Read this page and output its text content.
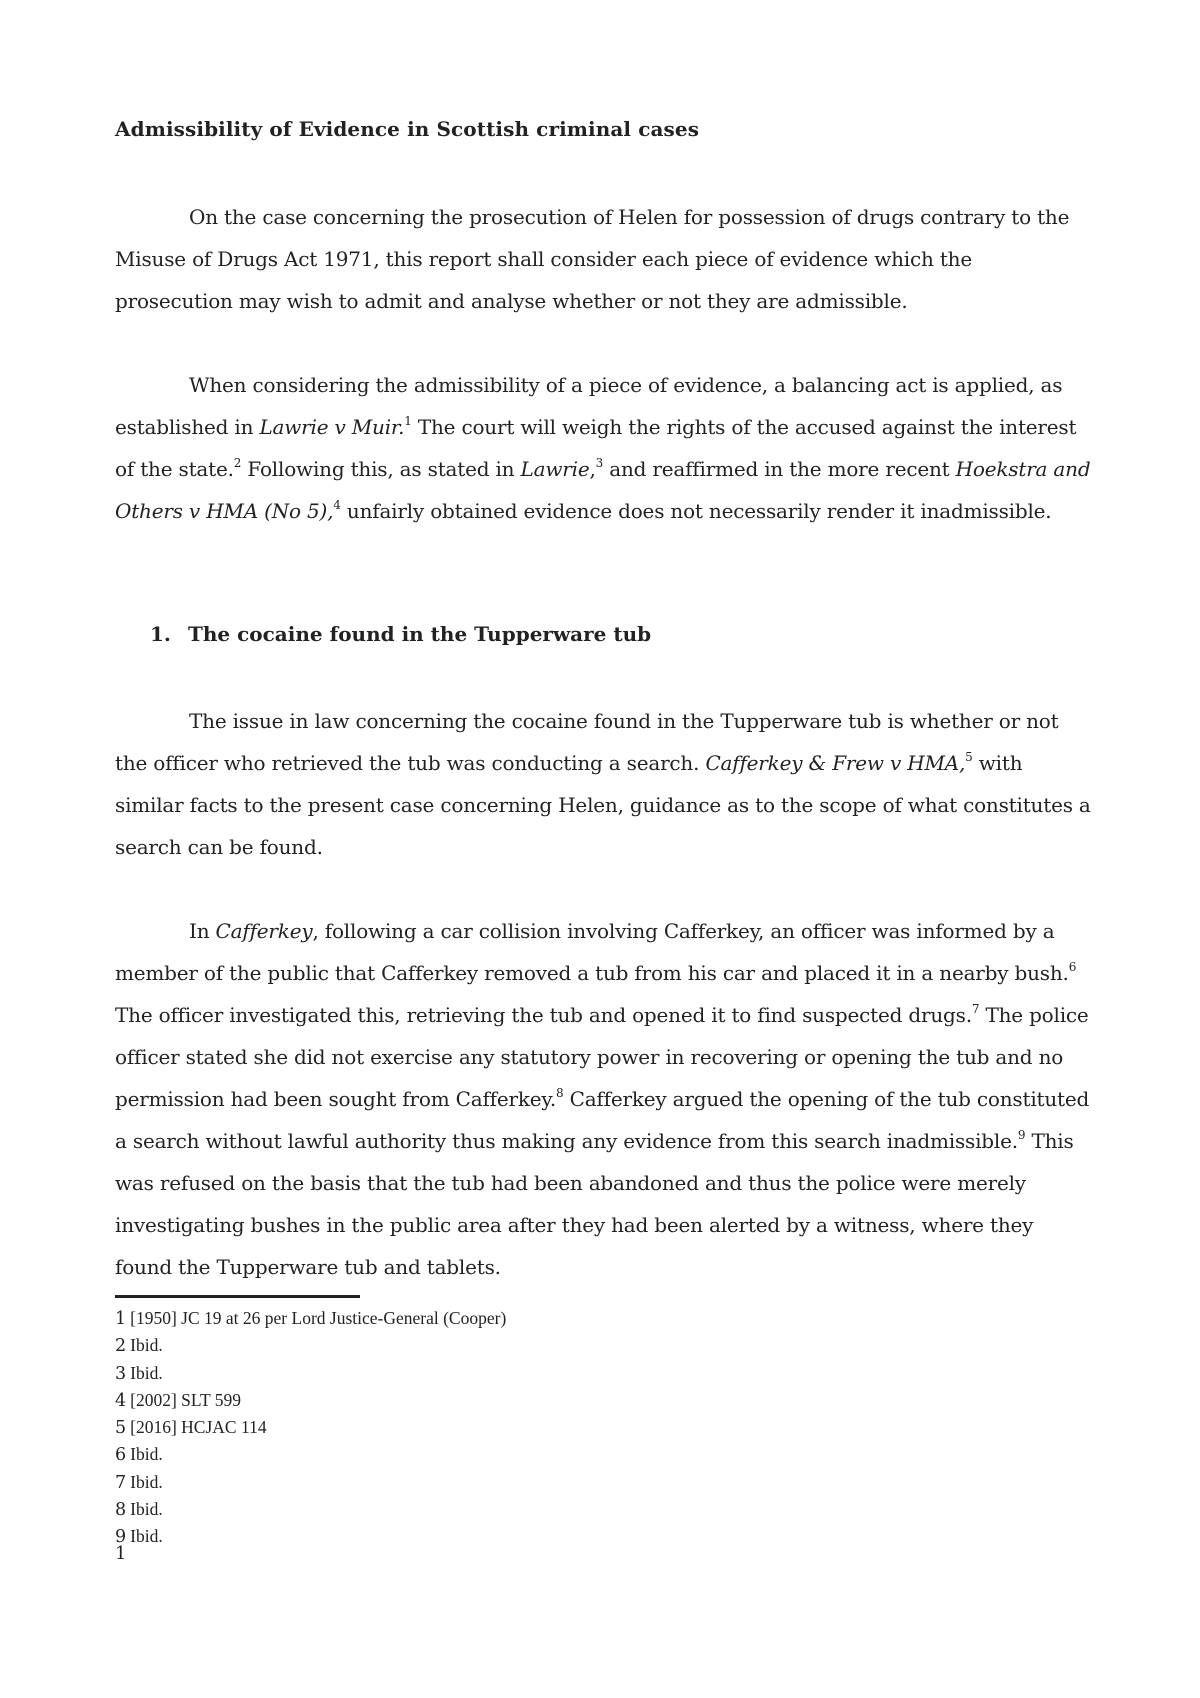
Admissibility of Evidence in Scottish criminal cases

On the case concerning the prosecution of Helen for possession of drugs contrary to the Misuse of Drugs Act 1971, this report shall consider each piece of evidence which the prosecution may wish to admit and analyse whether or not they are admissible.

When considering the admissibility of a piece of evidence, a balancing act is applied, as established in Lawrie v Muir.$^1$ The court will weigh the rights of the accused against the interest of the state.$^2$ Following this, as stated in Lawrie,$^3$ and reaffirmed in the more recent Hoekstra and Others v HMA (No 5),$^4$ unfairly obtained evidence does not necessarily render it inadmissible.

1. The cocaine found in the Tupperware tub

The issue in law concerning the cocaine found in the Tupperware tub is whether or not the officer who retrieved the tub was conducting a search. Cafferkey & Frew v HMA,$^5$ with similar facts to the present case concerning Helen, guidance as to the scope of what constitutes a search can be found.

In Cafferkey, following a car collision involving Cafferkey, an officer was informed by a member of the public that Cafferkey removed a tub from his car and placed it in a nearby bush.$^6$ The officer investigated this, retrieving the tub and opened it to find suspected drugs.$^7$ The police officer stated she did not exercise any statutory power in recovering or opening the tub and no permission had been sought from Cafferkey.$^8$ Cafferkey argued the opening of the tub constituted a search without lawful authority thus making any evidence from this search inadmissible.$^9$ This was refused on the basis that the tub had been abandoned and thus the police were merely investigating bushes in the public area after they had been alerted by a witness, where they found the Tupperware tub and tablets.

1 [1950] JC 19 at 26 per Lord Justice-General (Cooper)
2 Ibid.
3 Ibid.
4 [2002] SLT 599
5 [2016] HCJAC 114
6 Ibid.
7 Ibid.
8 Ibid.
9 Ibid.

1
